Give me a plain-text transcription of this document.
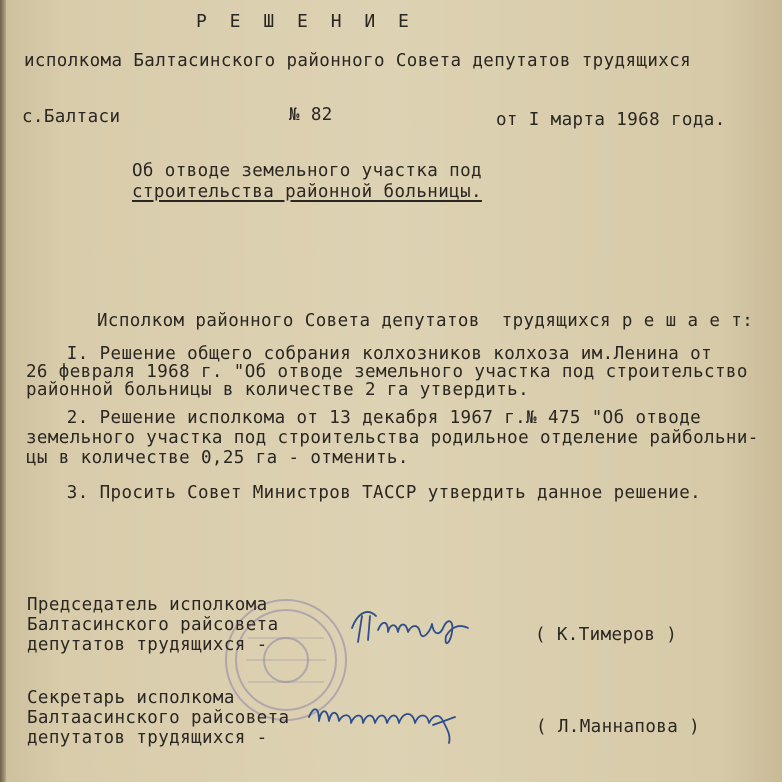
Р Е Ш Е Н И Е
исполкома Балтасинского районного Совета депутатов трудящихся
с.Балтаси	№ 82	от I марта 1968 года.
Об отводе земельного участка под
строительства районной больницы.
Исполком районного Совета депутатов  трудящихся р е ш а е т:
I. Решение общего собрания колхозников колхоза им.Ленина от
26 февраля 1968 г. "Об отводе земельного участка под строительство
районной больницы в количестве 2 га утвердить.
2. Решение исполкома от 13 декабря 1967 г.№ 475 "Об отводе
земельного участка под строительства родильное отделение райбольни-
цы в количестве 0,25 га - отменить.
3. Просить Совет Министров ТАССР утвердить данное решение.
Председатель исполкома
Балтасинского райсовета
депутатов трудящихся -	( К.Тимеров )
Секретарь исполкома
Балтаасинского райсовета
депутатов трудящихся -
( Л.Маннапова )
